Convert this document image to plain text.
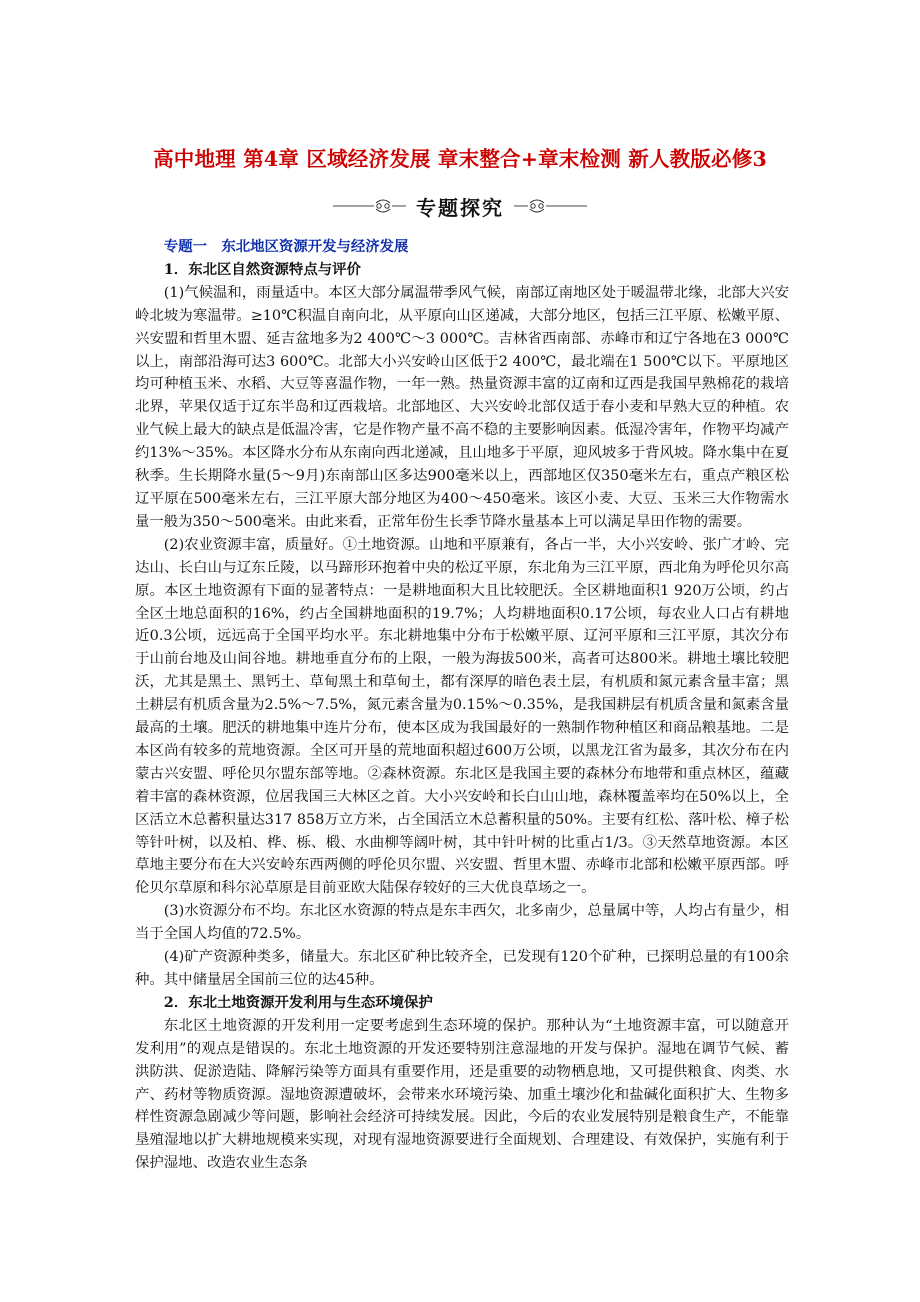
高中地理 第4章 区域经济发展 章末整合+章末检测 新人教版必修3
专题探究
专题一　东北地区资源开发与经济发展
1．东北区自然资源特点与评价
(1)气候温和，雨量适中。本区大部分属温带季风气候，南部辽南地区处于暖温带北缘，北部大兴安岭北坡为寒温带。≥10℃积温自南向北，从平原向山区递减，大部分地区，包括三江平原、松嫩平原、兴安盟和哲里木盟、延吉盆地多为2 400℃～3 000℃。吉林省西南部、赤峰市和辽宁各地在3 000℃以上，南部沿海可达3 600℃。北部大小兴安岭山区低于2 400℃，最北端在1 500℃以下。平原地区均可种植玉米、水稻、大豆等喜温作物，一年一熟。热量资源丰富的辽南和辽西是我国早熟棉花的栽培北界，苹果仅适于辽东半岛和辽西栽培。北部地区、大兴安岭北部仅适于春小麦和早熟大豆的种植。农业气候上最大的缺点是低温冷害，它是作物产量不高不稳的主要影响因素。低湿冷害年，作物平均减产约13%～35%。本区降水分布从东南向西北递减，且山地多于平原，迎风坡多于背风坡。降水集中在夏秋季。生长期降水量(5～9月)东南部山区多达900毫米以上，西部地区仅350毫米左右，重点产粮区松辽平原在500毫米左右，三江平原大部分地区为400～450毫米。该区小麦、大豆、玉米三大作物需水量一般为350～500毫米。由此来看，正常年份生长季节降水量基本上可以满足旱田作物的需要。
(2)农业资源丰富，质量好。①土地资源。山地和平原兼有，各占一半，大小兴安岭、张广才岭、完达山、长白山与辽东丘陵，以马蹄形环抱着中央的松辽平原，东北角为三江平原，西北角为呼伦贝尔高原。本区土地资源有下面的显著特点：一是耕地面积大且比较肥沃。全区耕地面积1 920万公顷，约占全区土地总面积的16%，约占全国耕地面积的19.7%；人均耕地面积0.17公顷，每农业人口占有耕地近0.3公顷，远远高于全国平均水平。东北耕地集中分布于松嫩平原、辽河平原和三江平原，其次分布于山前台地及山间谷地。耕地垂直分布的上限，一般为海拔500米，高者可达800米。耕地土壤比较肥沃，尤其是黑土、黑钙土、草甸黑土和草甸土，都有深厚的暗色表土层，有机质和氮元素含量丰富；黑土耕层有机质含量为2.5%～7.5%，氮元素含量为0.15%～0.35%，是我国耕层有机质含量和氮素含量最高的土壤。肥沃的耕地集中连片分布，使本区成为我国最好的一熟制作物种植区和商品粮基地。二是本区尚有较多的荒地资源。全区可开垦的荒地面积超过600万公顷，以黑龙江省为最多，其次分布在内蒙古兴安盟、呼伦贝尔盟东部等地。②森林资源。东北区是我国主要的森林分布地带和重点林区，蕴藏着丰富的森林资源，位居我国三大林区之首。大小兴安岭和长白山山地，森林覆盖率均在50%以上，全区活立木总蓄积量达317 858万立方米，占全国活立木总蓄积量的50%。主要有红松、落叶松、樟子松等针叶树，以及柏、桦、栎、椴、水曲柳等阔叶树，其中针叶树的比重占1/3。③天然草地资源。本区草地主要分布在大兴安岭东西两侧的呼伦贝尔盟、兴安盟、哲里木盟、赤峰市北部和松嫩平原西部。呼伦贝尔草原和科尔沁草原是目前亚欧大陆保存较好的三大优良草场之一。
(3)水资源分布不均。东北区水资源的特点是东丰西欠，北多南少，总量属中等，人均占有量少，相当于全国人均值的72.5%。
(4)矿产资源种类多，储量大。东北区矿种比较齐全，已发现有120个矿种，已探明总量的有100余种。其中储量居全国前三位的达45种。
2．东北土地资源开发利用与生态环境保护
东北区土地资源的开发利用一定要考虑到生态环境的保护。那种认为“土地资源丰富，可以随意开发利用”的观点是错误的。东北土地资源的开发还要特别注意湿地的开发与保护。湿地在调节气候、蓄洪防洪、促淤造陆、降解污染等方面具有重要作用，还是重要的动物栖息地，又可提供粮食、肉类、水产、药材等物质资源。湿地资源遭破坏，会带来水环境污染、加重土壤沙化和盐碱化面积扩大、生物多样性资源急剧减少等问题，影响社会经济可持续发展。因此，今后的农业发展特别是粮食生产，不能靠垦殖湿地以扩大耕地规模来实现，对现有湿地资源要进行全面规划、合理建设、有效保护，实施有利于保护湿地、改造农业生态条
